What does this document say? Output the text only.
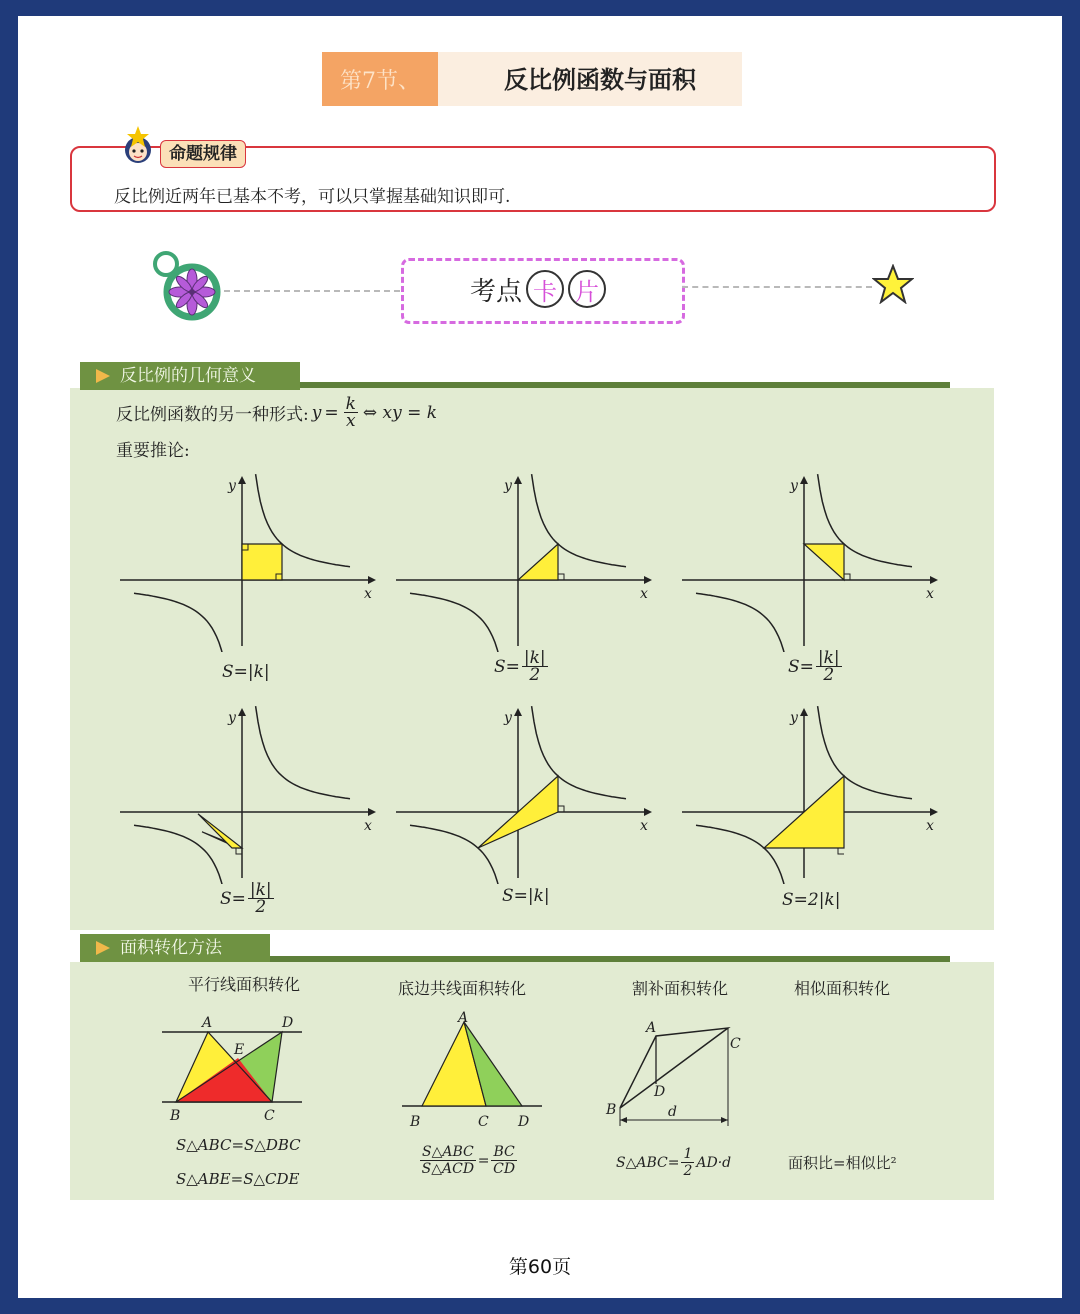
第7节、	反比例函数与面积
命题规律
反比例近两年已基本不考，可以只掌握基础知识即可.
考点 卡 片
反比例的几何意义
反比例函数的另一种形式: $y = \frac{k}{x}$ ⇔ xy = k
重要推论:
x
y
x
y
x
y
x
y
x
y
x
y
S=|k|	$S= \frac{|k|}{2}$	$S= \frac{|k|}{2}$
$S= \frac{|k|}{2}$	S=|k|	S=2|k|
面积转化方法
平行线面积转化	底边共线面积转化	割补面积转化	相似面积转化
A	D
E
B	C
S△ABC=S△DBC
S△ABE=S△CDE
A
B	C D
$\frac{\text{S△ABC}}{\text{S△ACD}} = \frac{BC}{CD}$
A
B
C
D
d
S△ABC = $\frac{1}{2} AD\cdot d$	面积比=相似比²
第60页
